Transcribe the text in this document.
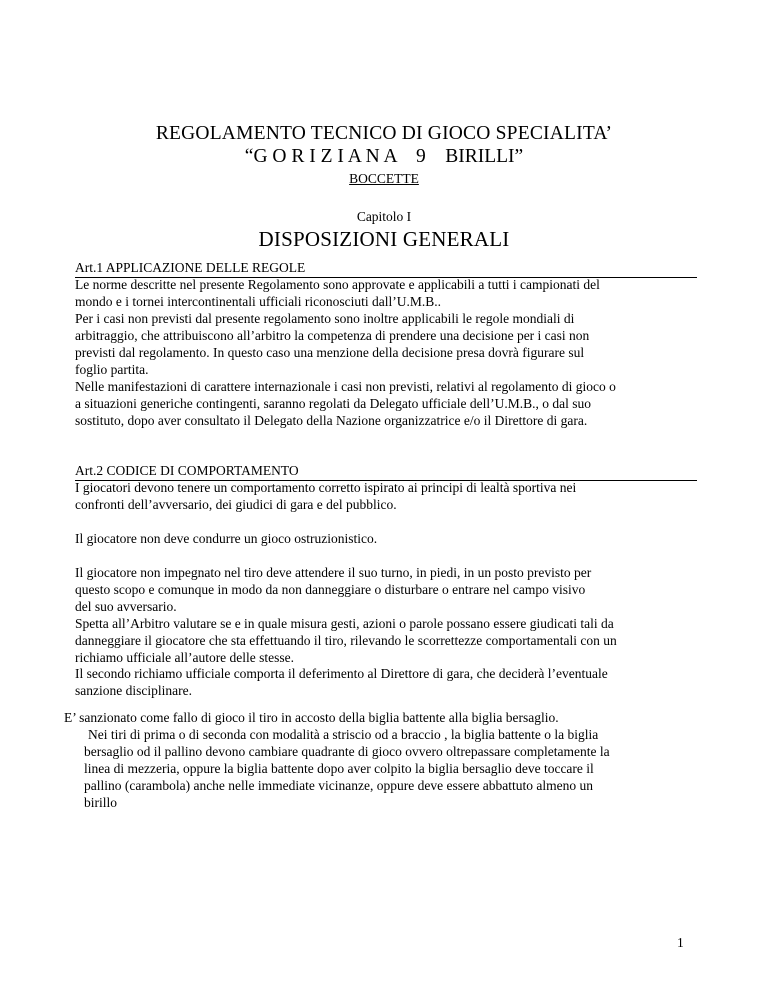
REGOLAMENTO TECNICO DI GIOCO SPECIALITA’
“G O R I Z I A N A    9    BIRILLI”
BOCCETTE
Capitolo I
DISPOSIZIONI GENERALI
Art.1 APPLICAZIONE DELLE REGOLE
Le norme descritte nel presente Regolamento sono approvate e applicabili a tutti i campionati del
mondo e i tornei intercontinentali ufficiali riconosciuti dall’U.M.B..
Per i casi non previsti dal presente regolamento sono inoltre applicabili le regole mondiali di
arbitraggio, che attribuiscono all’arbitro la competenza di prendere una decisione per i casi non
previsti dal regolamento. In questo caso una menzione della decisione presa dovrà figurare sul
foglio partita.
Nelle manifestazioni di carattere internazionale i casi non previsti, relativi al regolamento di gioco o
a situazioni generiche contingenti, saranno regolati da Delegato ufficiale dell’U.M.B., o dal suo
sostituto, dopo aver consultato il Delegato della Nazione organizzatrice e/o il Direttore di gara.
Art.2 CODICE DI COMPORTAMENTO
I giocatori devono tenere un comportamento corretto ispirato ai principi di lealtà sportiva nei
confronti dell’avversario, dei giudici di gara e del pubblico.
Il giocatore non deve condurre un gioco ostruzionistico.
Il giocatore non impegnato nel tiro deve attendere il suo turno, in piedi, in un posto previsto per
questo scopo e comunque in modo da non danneggiare o disturbare o entrare nel campo visivo
del suo avversario.
Spetta all’Arbitro valutare se e in quale misura gesti, azioni o parole possano essere giudicati tali da
danneggiare il giocatore che sta effettuando il tiro, rilevando le scorrettezze comportamentali con un
richiamo ufficiale all’autore delle stesse.
Il secondo richiamo ufficiale comporta il deferimento al Direttore di gara, che deciderà l’eventuale
sanzione disciplinare.
E’ sanzionato come fallo di gioco il tiro in accosto della biglia battente alla biglia bersaglio.
Nei tiri di prima o di seconda con modalità a striscio od a braccio , la biglia battente o la biglia
bersaglio od il pallino devono cambiare quadrante di gioco ovvero oltrepassare completamente la
linea di mezzeria, oppure la biglia battente dopo aver colpito la biglia bersaglio deve toccare il
pallino (carambola) anche nelle immediate vicinanze, oppure deve essere abbattuto almeno un
birillo
1
